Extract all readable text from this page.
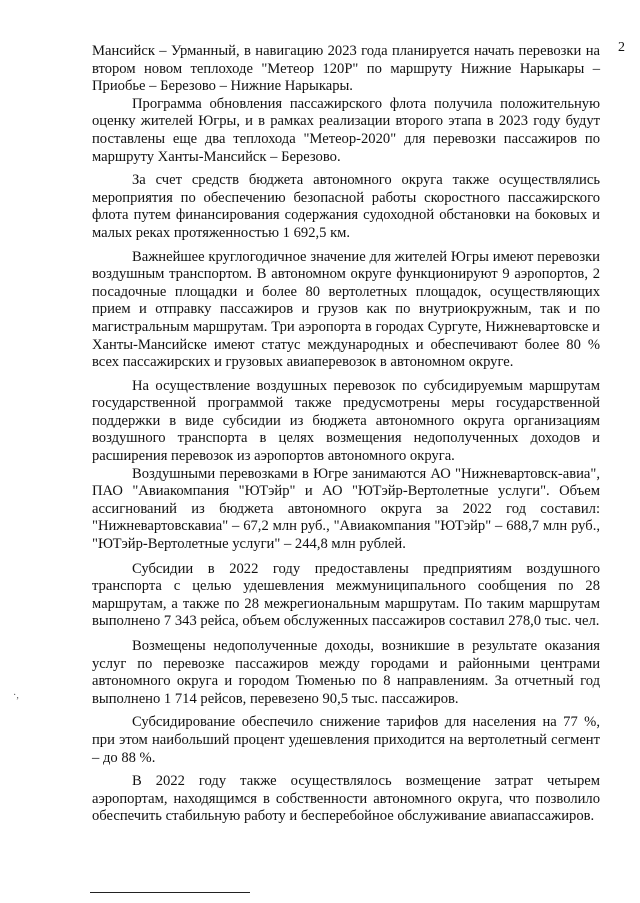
2

Мансийск – Урманный, в навигацию 2023 года планируется начать перевозки на втором новом теплоходе "Метеор 120Р" по маршруту Нижние Нарыкары – Приобье – Березово – Нижние Нарыкары.

Программа обновления пассажирского флота получила положительную оценку жителей Югры, и в рамках реализации второго этапа в 2023 году будут поставлены еще два теплохода "Метеор-2020" для перевозки пассажиров по маршруту Ханты-Мансийск – Березово.

За счет средств бюджета автономного округа также осуществлялись мероприятия по обеспечению безопасной работы скоростного пассажирского флота путем финансирования содержания судоходной обстановки на боковых и малых реках протяженностью 1 692,5 км.

Важнейшее круглогодичное значение для жителей Югры имеют перевозки воздушным транспортом. В автономном округе функционируют 9 аэропортов, 2 посадочные площадки и более 80 вертолетных площадок, осуществляющих прием и отправку пассажиров и грузов как по внутриокружным, так и по магистральным маршрутам. Три аэропорта в городах Сургуте, Нижневартовске и Ханты-Мансийске имеют статус международных и обеспечивают более 80 % всех пассажирских и грузовых авиаперевозок в автономном округе.

На осуществление воздушных перевозок по субсидируемым маршрутам государственной программой также предусмотрены меры государственной поддержки в виде субсидии из бюджета автономного округа организациям воздушного транспорта в целях возмещения недополученных доходов и расширения перевозок из аэропортов автономного округа.

Воздушными перевозками в Югре занимаются АО "Нижневартовск-авиа", ПАО "Авиакомпания "ЮТэйр" и АО "ЮТэйр-Вертолетные услуги". Объем ассигнований из бюджета автономного округа за 2022 год составил: "Нижневартовскавиа" – 67,2 млн руб., "Авиакомпания "ЮТэйр" – 688,7 млн руб., "ЮТэйр-Вертолетные услуги" – 244,8 млн рублей.

Субсидии в 2022 году предоставлены предприятиям воздушного транспорта с целью удешевления межмуниципального сообщения по 28 маршрутам, а также по 28 межрегиональным маршрутам. По таким маршрутам выполнено 7 343 рейса, объем обслуженных пассажиров составил 278,0 тыс. чел.

Возмещены недополученные доходы, возникшие в результате оказания услуг по перевозке пассажиров между городами и районными центрами автономного округа и городом Тюменью по 8 направлениям. За отчетный год выполнено 1 714 рейсов, перевезено 90,5 тыс. пассажиров.

Субсидирование обеспечило снижение тарифов для населения на 77 %, при этом наибольший процент удешевления приходится на вертолетный сегмент – до 88 %.

В 2022 году также осуществлялось возмещение затрат четырем аэропортам, находящимся в собственности автономного округа, что позволило обеспечить стабильную работу и бесперебойное обслуживание авиапассажиров.

·,
